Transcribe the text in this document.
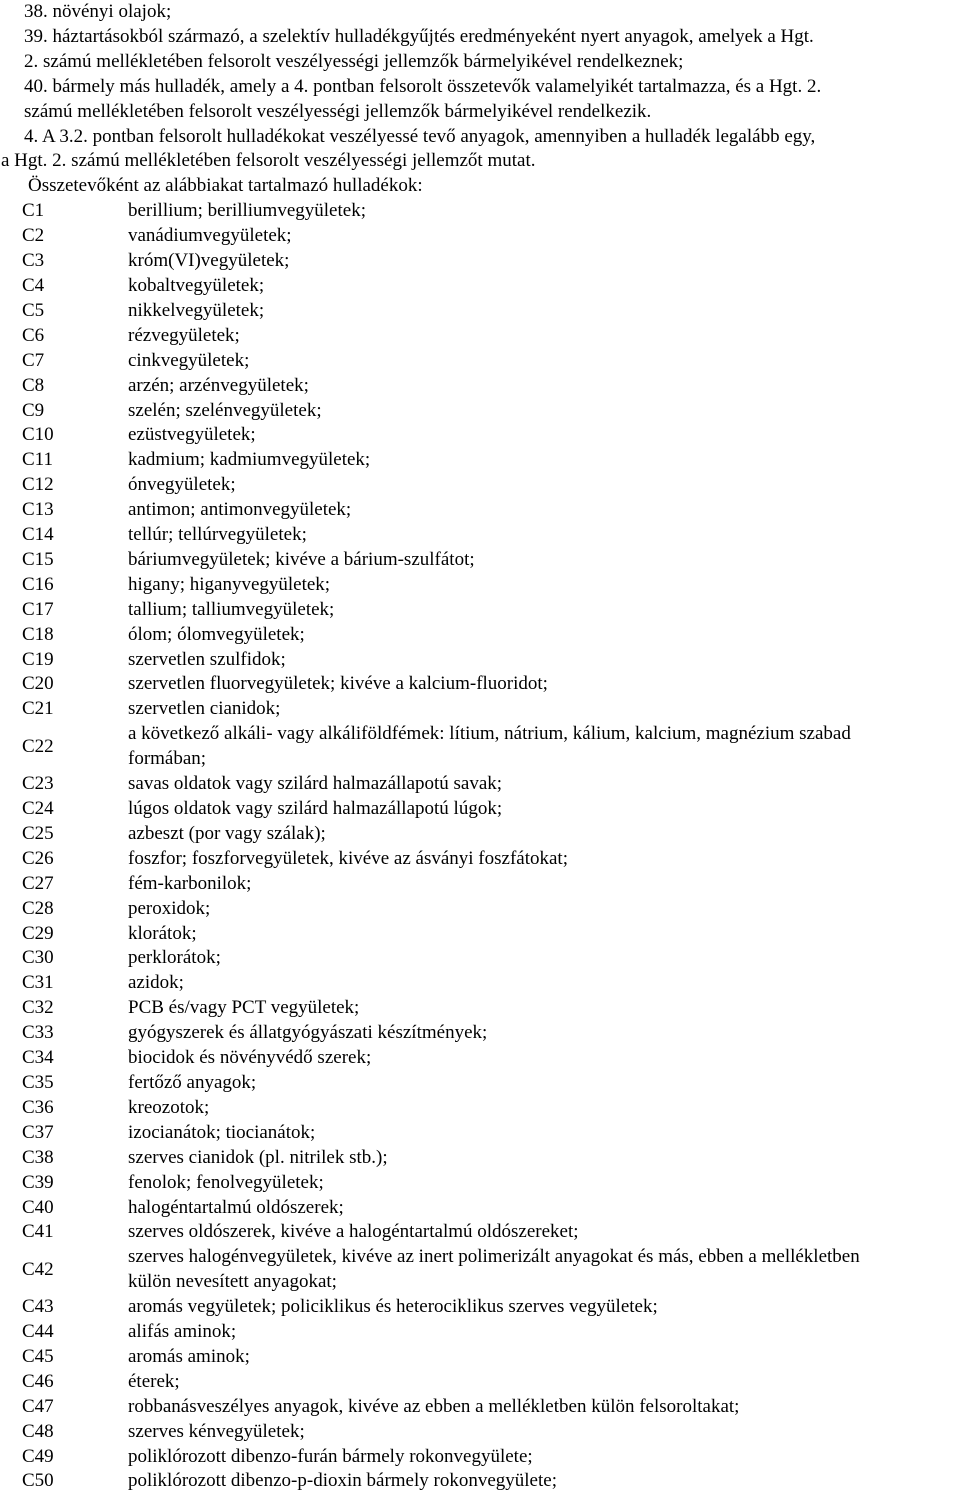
38. növényi olajok;
39. háztartásokból származó, a szelektív hulladékgyűjtés eredményeként nyert anyagok, amelyek a Hgt.
2. számú mellékletében felsorolt veszélyességi jellemzők bármelyikével rendelkeznek;
40. bármely más hulladék, amely a 4. pontban felsorolt összetevők valamelyikét tartalmazza, és a Hgt. 2.
számú mellékletében felsorolt veszélyességi jellemzők bármelyikével rendelkezik.
4. A 3.2. pontban felsorolt hulladékokat veszélyessé tevő anyagok, amennyiben a hulladék legalább egy,
a Hgt. 2. számú mellékletében felsorolt veszélyességi jellemzőt mutat.
Összetevőként az alábbiakat tartalmazó hulladékok:
C1	berillium; berilliumvegyületek;

C2	vanádiumvegyületek;

C3	króm(VI)vegyületek;

C4	kobaltvegyületek;

C5	nikkelvegyületek;

C6	rézvegyületek;

C7	cinkvegyületek;

C8	arzén; arzénvegyületek;

C9	szelén; szelénvegyületek;

C10	ezüstvegyületek;

C11	kadmium; kadmiumvegyületek;

C12	ónvegyületek;

C13	antimon; antimonvegyületek;

C14	tellúr; tellúrvegyületek;

C15	báriumvegyületek; kivéve a bárium-szulfátot;

C16	higany; higanyvegyületek;

C17	tallium; talliumvegyületek;

C18	ólom; ólomvegyületek;

C19	szervetlen szulfidok;

C20	szervetlen fluorvegyületek; kivéve a kalcium-fluoridot;

C21	szervetlen cianidok;

C22	a következő alkáli- vagy alkáliföldfémek: lítium, nátrium, kálium, kalcium, magnézium szabad
formában;

C23	savas oldatok vagy szilárd halmazállapotú savak;

C24	lúgos oldatok vagy szilárd halmazállapotú lúgok;

C25	azbeszt (por vagy szálak);

C26	foszfor; foszforvegyületek, kivéve az ásványi foszfátokat;

C27	fém-karbonilok;

C28	peroxidok;

C29	klorátok;

C30	perklorátok;

C31	azidok;

C32	PCB és/vagy PCT vegyületek;

C33	gyógyszerek és állatgyógyászati készítmények;

C34	biocidok és növényvédő szerek;

C35	fertőző anyagok;

C36	kreozotok;

C37	izocianátok; tiocianátok;

C38	szerves cianidok (pl. nitrilek stb.);

C39	fenolok; fenolvegyületek;

C40	halogéntartalmú oldószerek;

C41	szerves oldószerek, kivéve a halogéntartalmú oldószereket;

C42	szerves halogénvegyületek, kivéve az inert polimerizált anyagokat és más, ebben a mellékletben
külön nevesített anyagokat;

C43	aromás vegyületek; policiklikus és heterociklikus szerves vegyületek;

C44	alifás aminok;

C45	aromás aminok;

C46	éterek;

C47	robbanásveszélyes anyagok, kivéve az ebben a mellékletben külön felsoroltakat;

C48	szerves kénvegyületek;

C49	poliklórozott dibenzo-furán bármely rokonvegyülete;

C50	poliklórozott dibenzo-p-dioxin bármely rokonvegyülete;
